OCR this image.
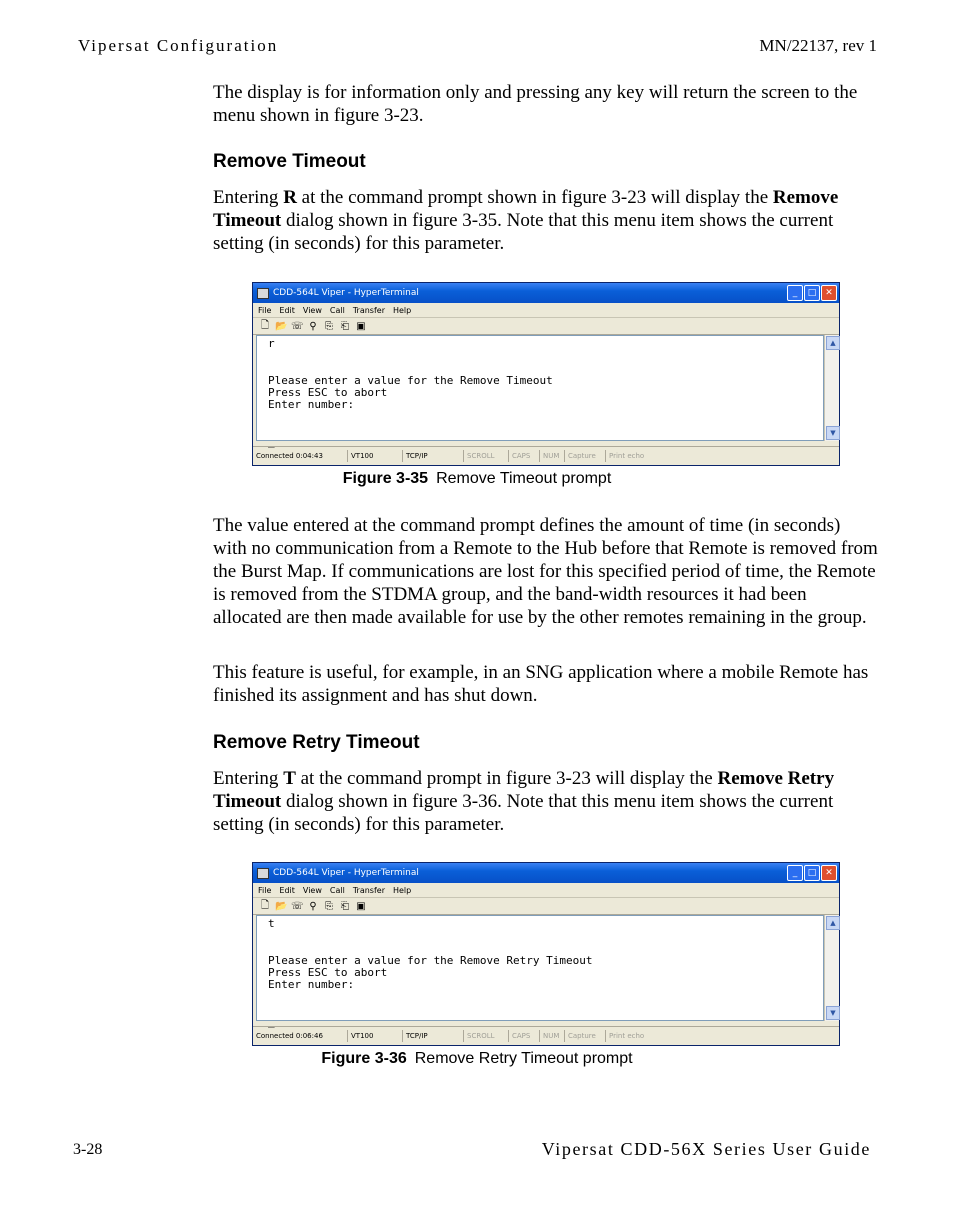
Vipersat Configuration	MN/22137, rev 1

The display is for information only and pressing any key will return the screen to the menu shown in figure 3-23.

Remove Timeout

Entering R at the command prompt shown in figure 3-23 will display the Remove Timeout dialog shown in figure 3-35. Note that this menu item shows the current setting (in seconds) for this parameter.

CDD-564L Viper - HyperTerminal	_	□ ✕
File Edit View Call Transfer Help
🗋 📂 ☏ ⚲ ⎘ ⎗ ▣
r

Please enter a value for the Remove Timeout
Press ESC to abort
Enter number:

_
▲
▼
Connected 0:04:43	VT100	TCP/IP	SCROLL	CAPS	NUM	Capture	Print echo
Figure 3-35 Remove Timeout prompt

The value entered at the command prompt defines the amount of time (in seconds) with no communication from a Remote to the Hub before that Remote is removed from the Burst Map. If communications are lost for this specified period of time, the Remote is removed from the STDMA group, and the band-width resources it had been allocated are then made available for use by the other remotes remaining in the group.

This feature is useful, for example, in an SNG application where a mobile Remote has finished its assignment and has shut down.

Remove Retry Timeout

Entering T at the command prompt in figure 3-23 will display the Remove Retry Timeout dialog shown in figure 3-36. Note that this menu item shows the current setting (in seconds) for this parameter.

CDD-564L Viper - HyperTerminal	_	□ ✕
File Edit View Call Transfer Help
🗋 📂 ☏ ⚲ ⎘ ⎗ ▣
t

Please enter a value for the Remove Retry Timeout
Press ESC to abort
Enter number:

_
▲
▼
Connected 0:06:46	VT100	TCP/IP	SCROLL	CAPS	NUM	Capture	Print echo
Figure 3-36 Remove Retry Timeout prompt
3-28	Vipersat CDD-56X Series User Guide
